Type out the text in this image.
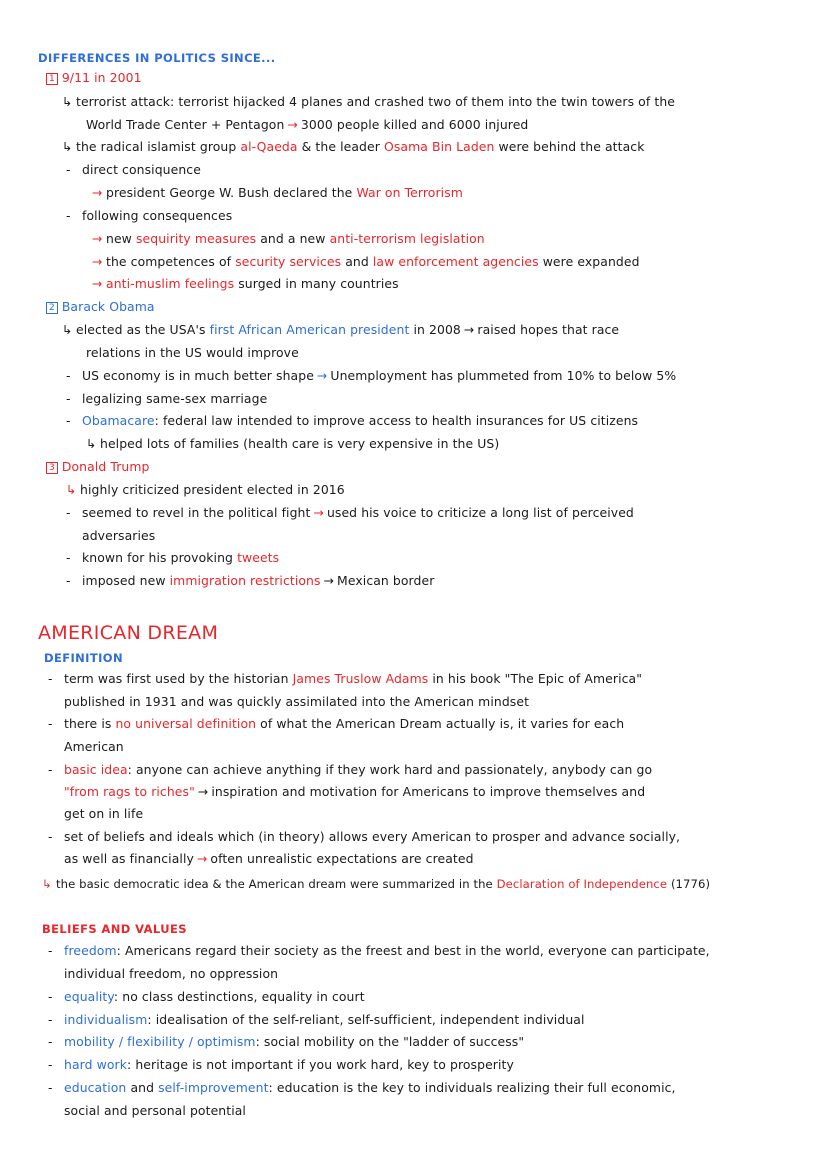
DIFFERENCES IN POLITICS SINCE...
1 9/11 in 2001
↳ terrorist attack: terrorist hijacked 4 planes and crashed two of them into the twin towers of the
World Trade Center + Pentagon → 3000 people killed and 6000 injured
↳ the radical islamist group al-Qaeda & the leader Osama Bin Laden were behind the attack
- direct consiquence
→ president George W. Bush declared the War on Terrorism
- following consequences
→ new sequirity measures and a new anti-terrorism legislation
→ the competences of security services and law enforcement agencies were expanded
→ anti-muslim feelings surged in many countries
2 Barack Obama
↳ elected as the USA's first African American president in 2008 → raised hopes that race
relations in the US would improve
- US economy is in much better shape → Unemployment has plummeted from 10% to below 5%
- legalizing same-sex marriage
- Obamacare: federal law intended to improve access to health insurances for US citizens
↳ helped lots of families (health care is very expensive in the US)
3 Donald Trump
↳ highly criticized president elected in 2016
- seemed to revel in the political fight → used his voice to criticize a long list of perceived
adversaries
- known for his provoking tweets
- imposed new immigration restrictions → Mexican border
AMERICAN DREAM
DEFINITION
- term was first used by the historian James Truslow Adams in his book "The Epic of America"
published in 1931 and was quickly assimilated into the American mindset
- there is no universal definition of what the American Dream actually is, it varies for each
American
- basic idea: anyone can achieve anything if they work hard and passionately, anybody can go
"from rags to riches" → inspiration and motivation for Americans to improve themselves and
get on in life
- set of beliefs and ideals which (in theory) allows every American to prosper and advance socially,
as well as financially → often unrealistic expectations are created
↳ the basic democratic idea & the American dream were summarized in the Declaration of Independence (1776)
BELIEFS AND VALUES
- freedom: Americans regard their society as the freest and best in the world, everyone can participate,
individual freedom, no oppression
- equality: no class destinctions, equality in court
- individualism: idealisation of the self-reliant, self-sufficient, independent individual
- mobility / flexibility / optimism: social mobility on the "ladder of success"
- hard work: heritage is not important if you work hard, key to prosperity
- education and self-improvement: education is the key to individuals realizing their full economic,
social and personal potential
